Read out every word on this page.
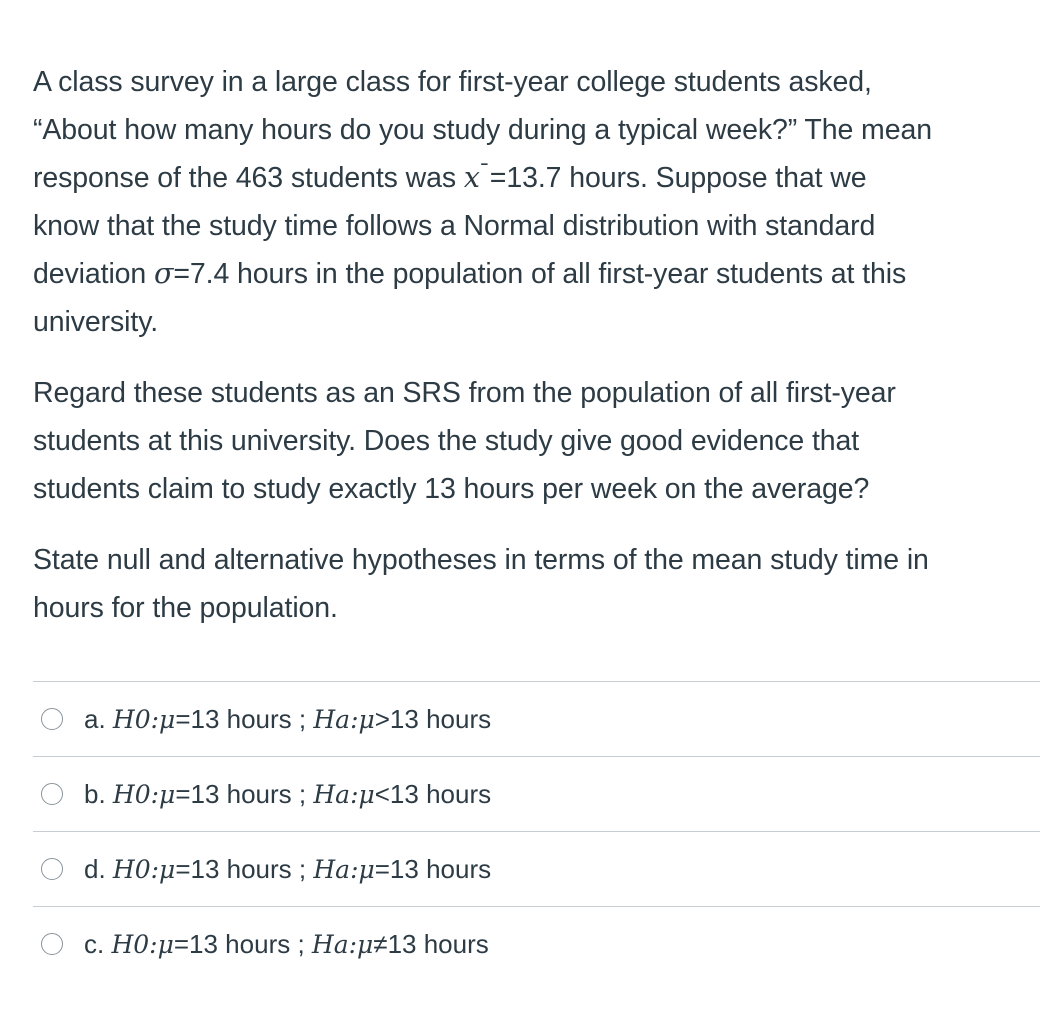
A class survey in a large class for first-year college students asked,
“About how many hours do you study during a typical week?” The mean
response of the 463 students was x ¯ =13.7 hours. Suppose that we
know that the study time follows a Normal distribution with standard
deviation σ=7.4 hours in the population of all first-year students at this
university.
Regard these students as an SRS from the population of all first-year
students at this university. Does the study give good evidence that
students claim to study exactly 13 hours per week on the average?
State null and alternative hypotheses in terms of the mean study time in
hours for the population.
a. H0:μ=13 hours ; Ha:μ>13 hours
b. H0:μ=13 hours ; Ha:μ<13 hours
d. H0:μ=13 hours ; Ha:μ=13 hours
c. H0:μ=13 hours ; Ha:μ≠13 hours
